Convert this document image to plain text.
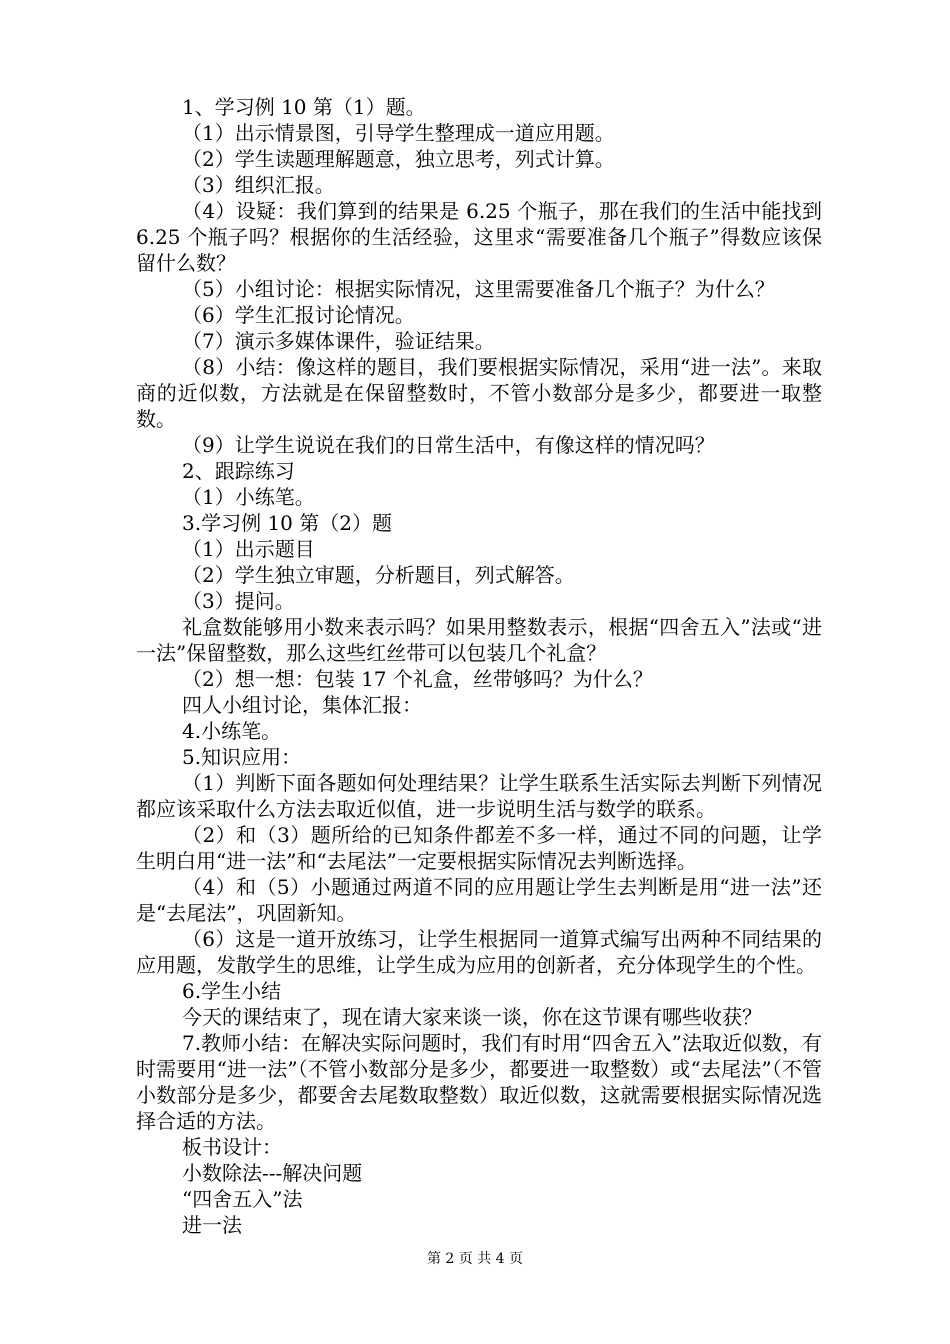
1、学习例 10 第（1）题。

（1）出示情景图，引导学生整理成一道应用题。

（2）学生读题理解题意，独立思考，列式计算。

（3）组织汇报。

（4）设疑：我们算到的结果是 6.25 个瓶子，那在我们的生活中能找到 6.25 个瓶子吗？根据你的生活经验，这里求“需要准备几个瓶子”得数应该保留什么数？

（5）小组讨论：根据实际情况，这里需要准备几个瓶子？为什么？

（6）学生汇报讨论情况。

（7）演示多媒体课件，验证结果。

（8）小结：像这样的题目，我们要根据实际情况，采用“进一法”。来取商的近似数，方法就是在保留整数时，不管小数部分是多少，都要进一取整数。

（9）让学生说说在我们的日常生活中，有像这样的情况吗？

2、跟踪练习

（1）小练笔。

3.学习例 10 第（2）题

（1）出示题目

（2）学生独立审题，分析题目，列式解答。

（3）提问。

礼盒数能够用小数来表示吗？如果用整数表示，根据“四舍五入”法或“进一法”保留整数，那么这些红丝带可以包装几个礼盒？

（2）想一想：包装 17 个礼盒，丝带够吗？为什么？

四人小组讨论，集体汇报：

4.小练笔。

5.知识应用：

（1）判断下面各题如何处理结果？让学生联系生活实际去判断下列情况都应该采取什么方法去取近似值，进一步说明生活与数学的联系。

（2）和（3）题所给的已知条件都差不多一样，通过不同的问题，让学生明白用“进一法”和“去尾法”一定要根据实际情况去判断选择。

（4）和（5）小题通过两道不同的应用题让学生去判断是用“进一法”还是“去尾法”，巩固新知。

（6）这是一道开放练习，让学生根据同一道算式编写出两种不同结果的应用题，发散学生的思维，让学生成为应用的创新者，充分体现学生的个性。

6.学生小结

今天的课结束了，现在请大家来谈一谈，你在这节课有哪些收获？

7.教师小结：在解决实际问题时，我们有时用“四舍五入”法取近似数，有时需要用“进一法”（不管小数部分是多少，都要进一取整数）或“去尾法”（不管小数部分是多少，都要舍去尾数取整数）取近似数，这就需要根据实际情况选择合适的方法。

板书设计：

小数除法---解决问题

“四舍五入”法

进一法

第 2 页 共 4 页
